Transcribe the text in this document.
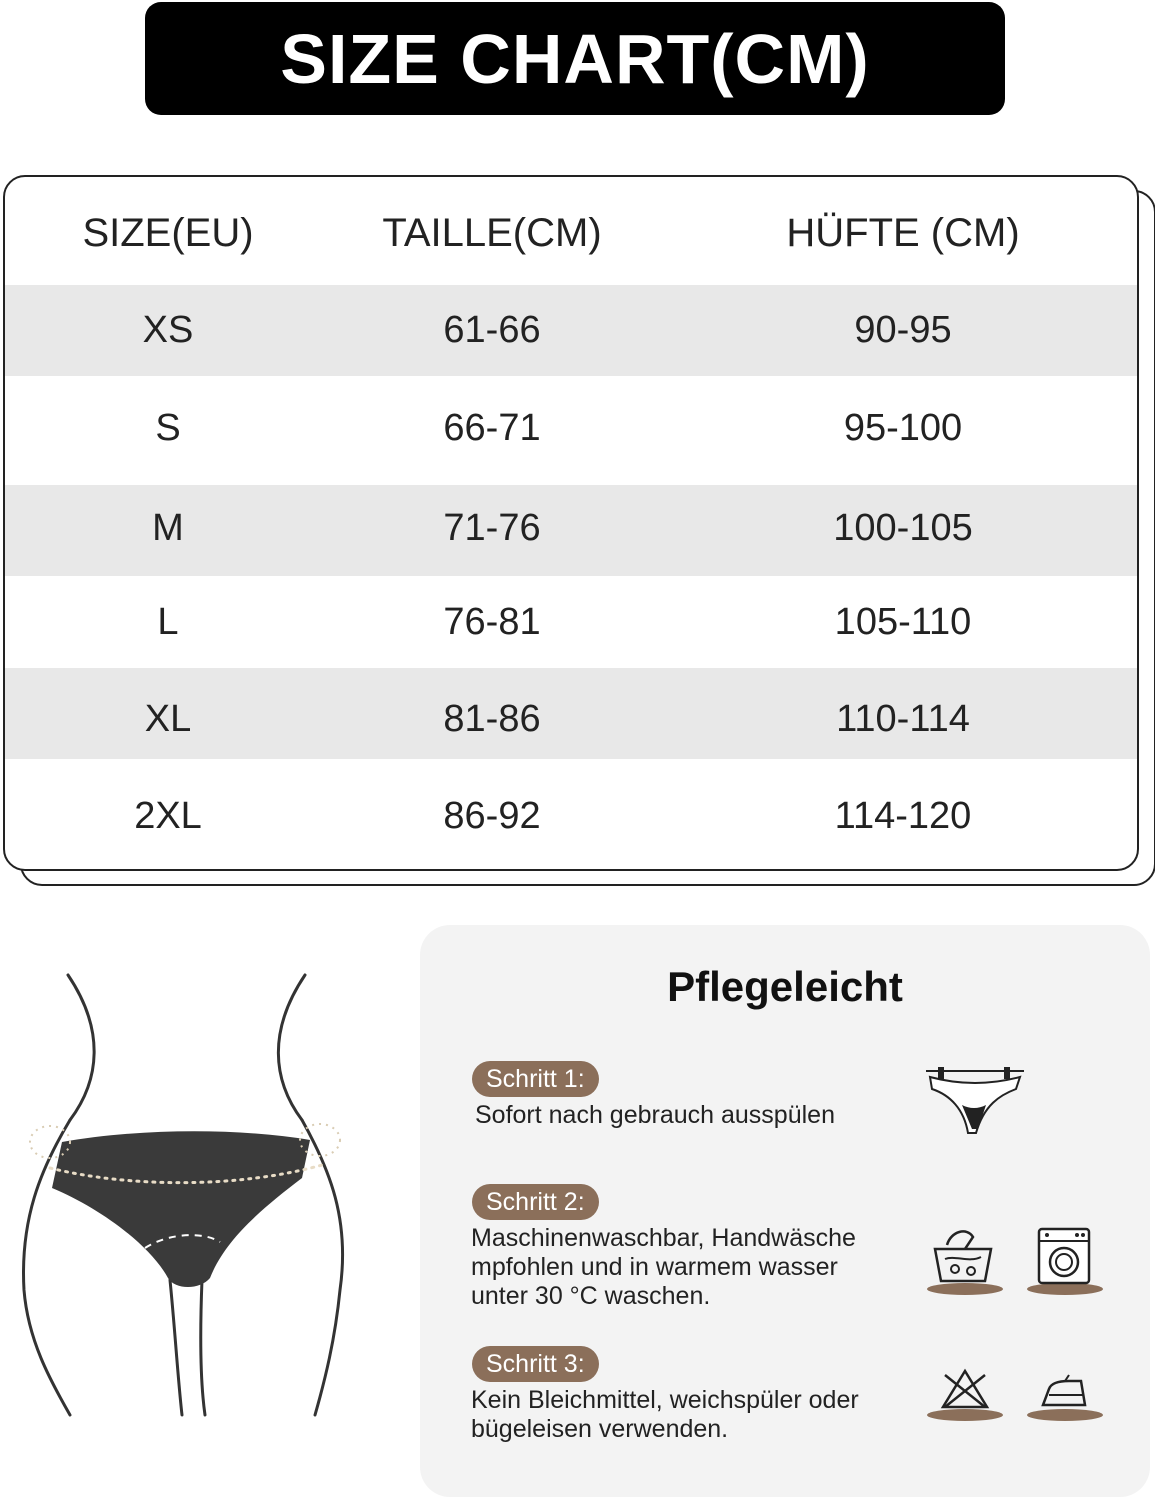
SIZE CHART(CM)
SIZE(EU)	TAILLE(CM)	HÜFTE (CM)
XS	61-66	90-95
S	66-71	95-100
M	71-76	100-105
L	76-81	105-110
XL	81-86	110-114
2XL	86-92	114-120
Pflegeleicht
Schritt 1:
Sofort nach gebrauch ausspülen
Schritt 2:
Maschinenwaschbar, Handwäsche
mpfohlen und in warmem wasser
unter 30 °C waschen.
Schritt 3:
Kein Bleichmittel, weichspüler oder
bügeleisen verwenden.
